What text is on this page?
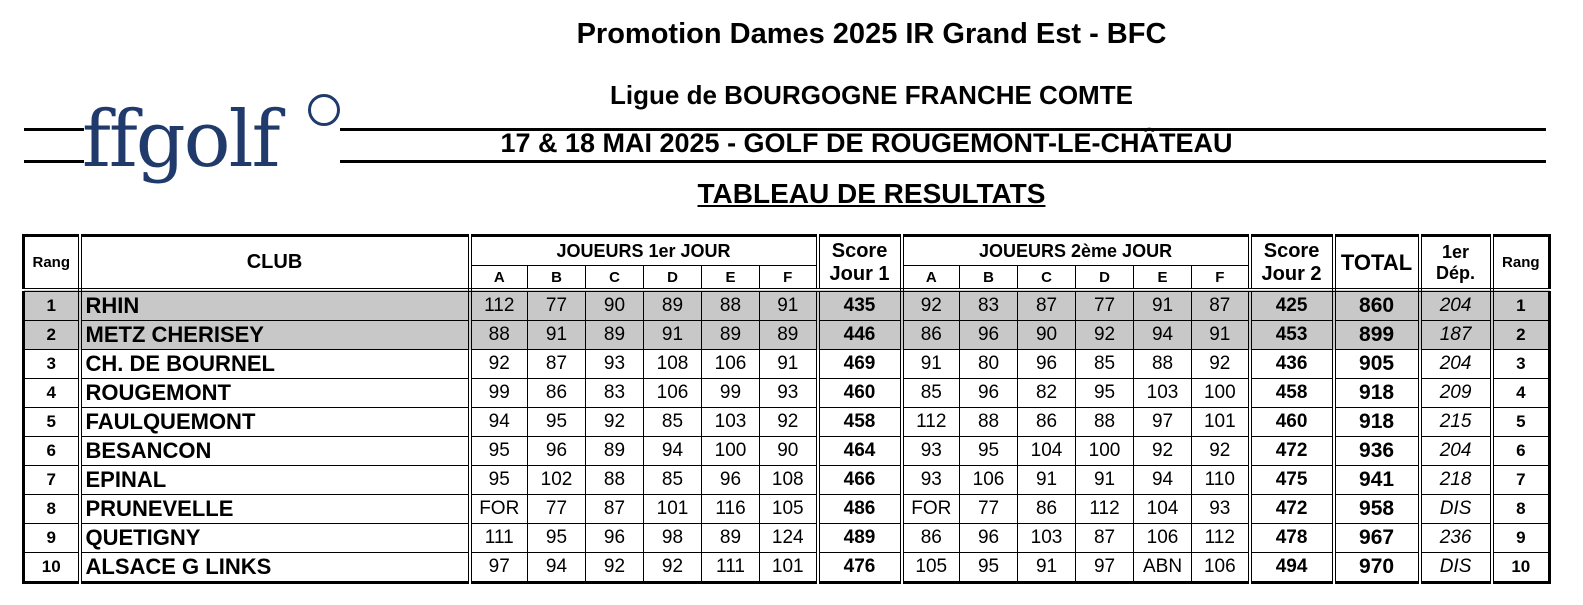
Promotion Dames 2025 IR Grand Est - BFC
Ligue de BOURGOGNE FRANCHE COMTE
17 & 18 MAI 2025 - GOLF DE ROUGEMONT-LE-CHÂTEAU
TABLEAU DE RESULTATS
ffgolf
Rang	CLUB	JOUEURS 1er JOUR						Score Jour 1	JOUEURS 2ème JOUR						Score Jour 2	TOTAL	1er Dép.	Rang
		A	B	C	D	E	F		A	B	C	D	E	F				
1	RHIN	112	77	90	89	88	91	435	92	83	87	77	91	87	425	860	204	1
2	METZ CHERISEY	88	91	89	91	89	89	446	86	96	90	92	94	91	453	899	187	2
3	CH. DE BOURNEL	92	87	93	108	106	91	469	91	80	96	85	88	92	436	905	204	3
4	ROUGEMONT	99	86	83	106	99	93	460	85	96	82	95	103	100	458	918	209	4
5	FAULQUEMONT	94	95	92	85	103	92	458	112	88	86	88	97	101	460	918	215	5
6	BESANCON	95	96	89	94	100	90	464	93	95	104	100	92	92	472	936	204	6
7	EPINAL	95	102	88	85	96	108	466	93	106	91	91	94	110	475	941	218	7
8	PRUNEVELLE	FOR	77	87	101	116	105	486	FOR	77	86	112	104	93	472	958	DIS	8
9	QUETIGNY	111	95	96	98	89	124	489	86	96	103	87	106	112	478	967	236	9
10	ALSACE G LINKS	97	94	92	92	111	101	476	105	95	91	97	ABN	106	494	970	DIS	10
